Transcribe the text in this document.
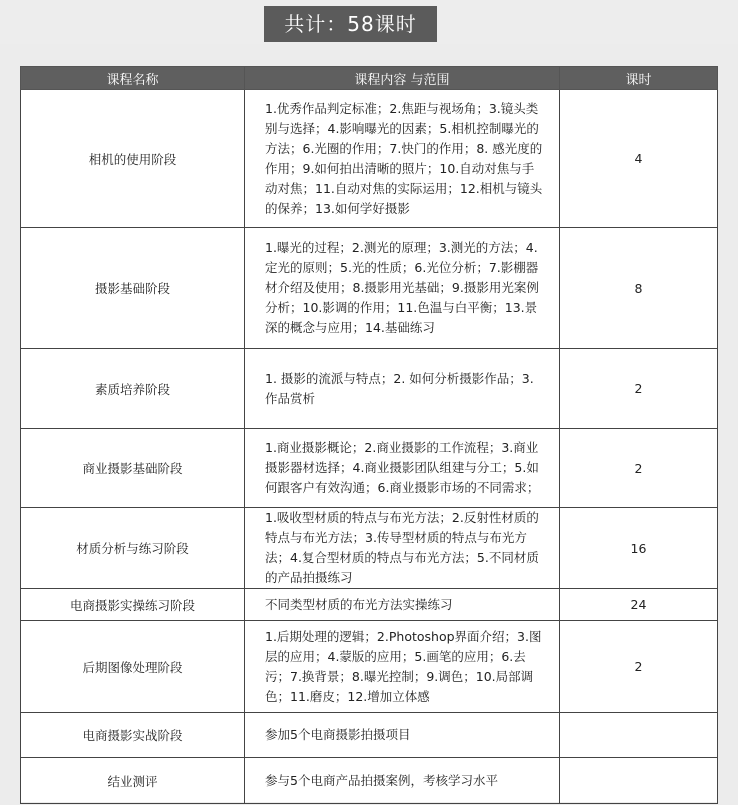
共计：58课时
课程名称	课程内容 与范围	课时
相机的使用阶段	1.优秀作品判定标准；2.焦距与视场角；3.镜头类别与选择；4.影响曝光的因素；5.相机控制曝光的方法；6.光圈的作用；7.快门的作用；8. 感光度的作用；9.如何拍出清晰的照片；10.自动对焦与手动对焦；11.自动对焦的实际运用；12.相机与镜头的保养；13.如何学好摄影	4
摄影基础阶段	1.曝光的过程；2.测光的原理；3.测光的方法；4.定光的原则；5.光的性质；6.光位分析；7.影棚器材介绍及使用；8.摄影用光基础；9.摄影用光案例分析；10.影调的作用；11.色温与白平衡；13.景深的概念与应用；14.基础练习	8
素质培养阶段	1. 摄影的流派与特点；2. 如何分析摄影作品；3. 作品赏析	2
商业摄影基础阶段	1.商业摄影概论；2.商业摄影的工作流程；3.商业摄影器材选择；4.商业摄影团队组建与分工；5.如何跟客户有效沟通；6.商业摄影市场的不同需求；	2
材质分析与练习阶段	1.吸收型材质的特点与布光方法；2.反射性材质的特点与布光方法；3.传导型材质的特点与布光方法；4.复合型材质的特点与布光方法；5.不同材质的产品拍摄练习	16
电商摄影实操练习阶段	不同类型材质的布光方法实操练习	24
后期图像处理阶段	1.后期处理的逻辑；2.Photoshop界面介绍；3.图层的应用；4.蒙版的应用；5.画笔的应用；6.去污；7.换背景；8.曝光控制；9.调色；10.局部调色；11.磨皮；12.增加立体感	2
电商摄影实战阶段	参加5个电商摄影拍摄项目	
结业测评	参与5个电商产品拍摄案例，考核学习水平	
